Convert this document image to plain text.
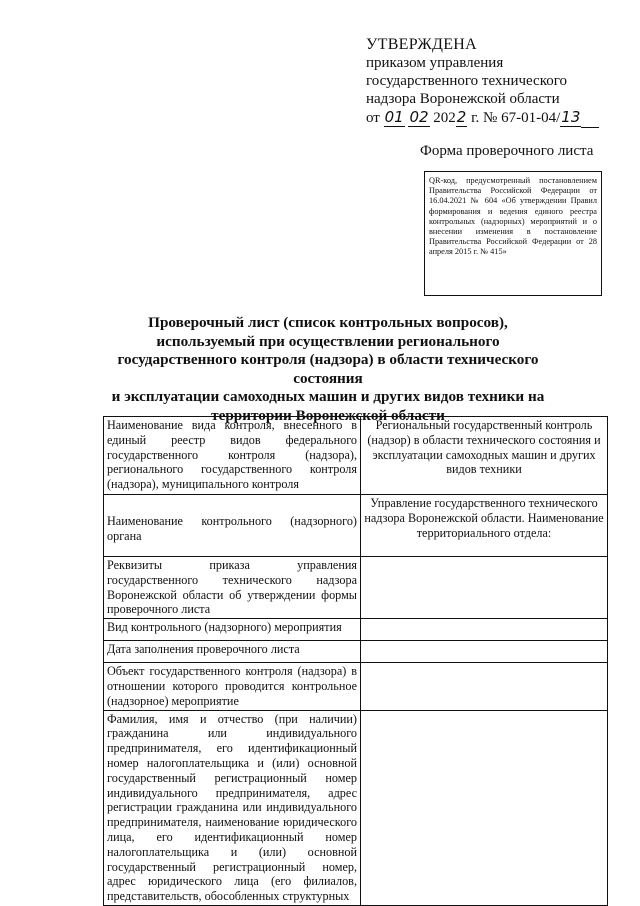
УТВЕРЖДЕНА
приказом управления
государственного технического
надзора Воронежской области
от 01 02 2022 г. № 67-01-04/13
Форма проверочного листа
QR-код, предусмотренный постановлением Правительства Российской Федерации от 16.04.2021 № 604 «Об утверждении Правил формирования и ведения единого реестра контрольных (надзорных) мероприятий и о внесении изменения в постановление Правительства Российской Федерации от 28 апреля 2015 г. № 415»
Проверочный лист (список контрольных вопросов),
используемый при осуществлении регионального
государственного контроля (надзора) в области технического состояния
и эксплуатации самоходных машин и других видов техники на
территории Воронежской области
Наименование вида контроля, внесенного в единый реестр видов федерального государственного контроля (надзора), регионального государственного контроля (надзора), муниципального контроля	Региональный государственный контроль (надзор) в области технического состояния и эксплуатации самоходных машин и других видов техники
Наименование контрольного (надзорного) органа	Управление государственного технического надзора Воронежской области. Наименование территориального отдела:
Реквизиты приказа управления государственного технического надзора Воронежской области об утверждении формы проверочного листа	
Вид контрольного (надзорного) мероприятия	
Дата заполнения проверочного листа	
Объект государственного контроля (надзора) в отношении которого проводится контрольное (надзорное) мероприятие	
Фамилия, имя и отчество (при наличии) гражданина или индивидуального предпринимателя, его идентификационный номер налогоплательщика и (или) основной государственный регистрационный номер индивидуального предпринимателя, адрес регистрации гражданина или индивидуального предпринимателя, наименование юридического лица, его идентификационный номер налогоплательщика и (или) основной государственный регистрационный номер, адрес юридического лица (его филиалов, представительств, обособленных структурных	
